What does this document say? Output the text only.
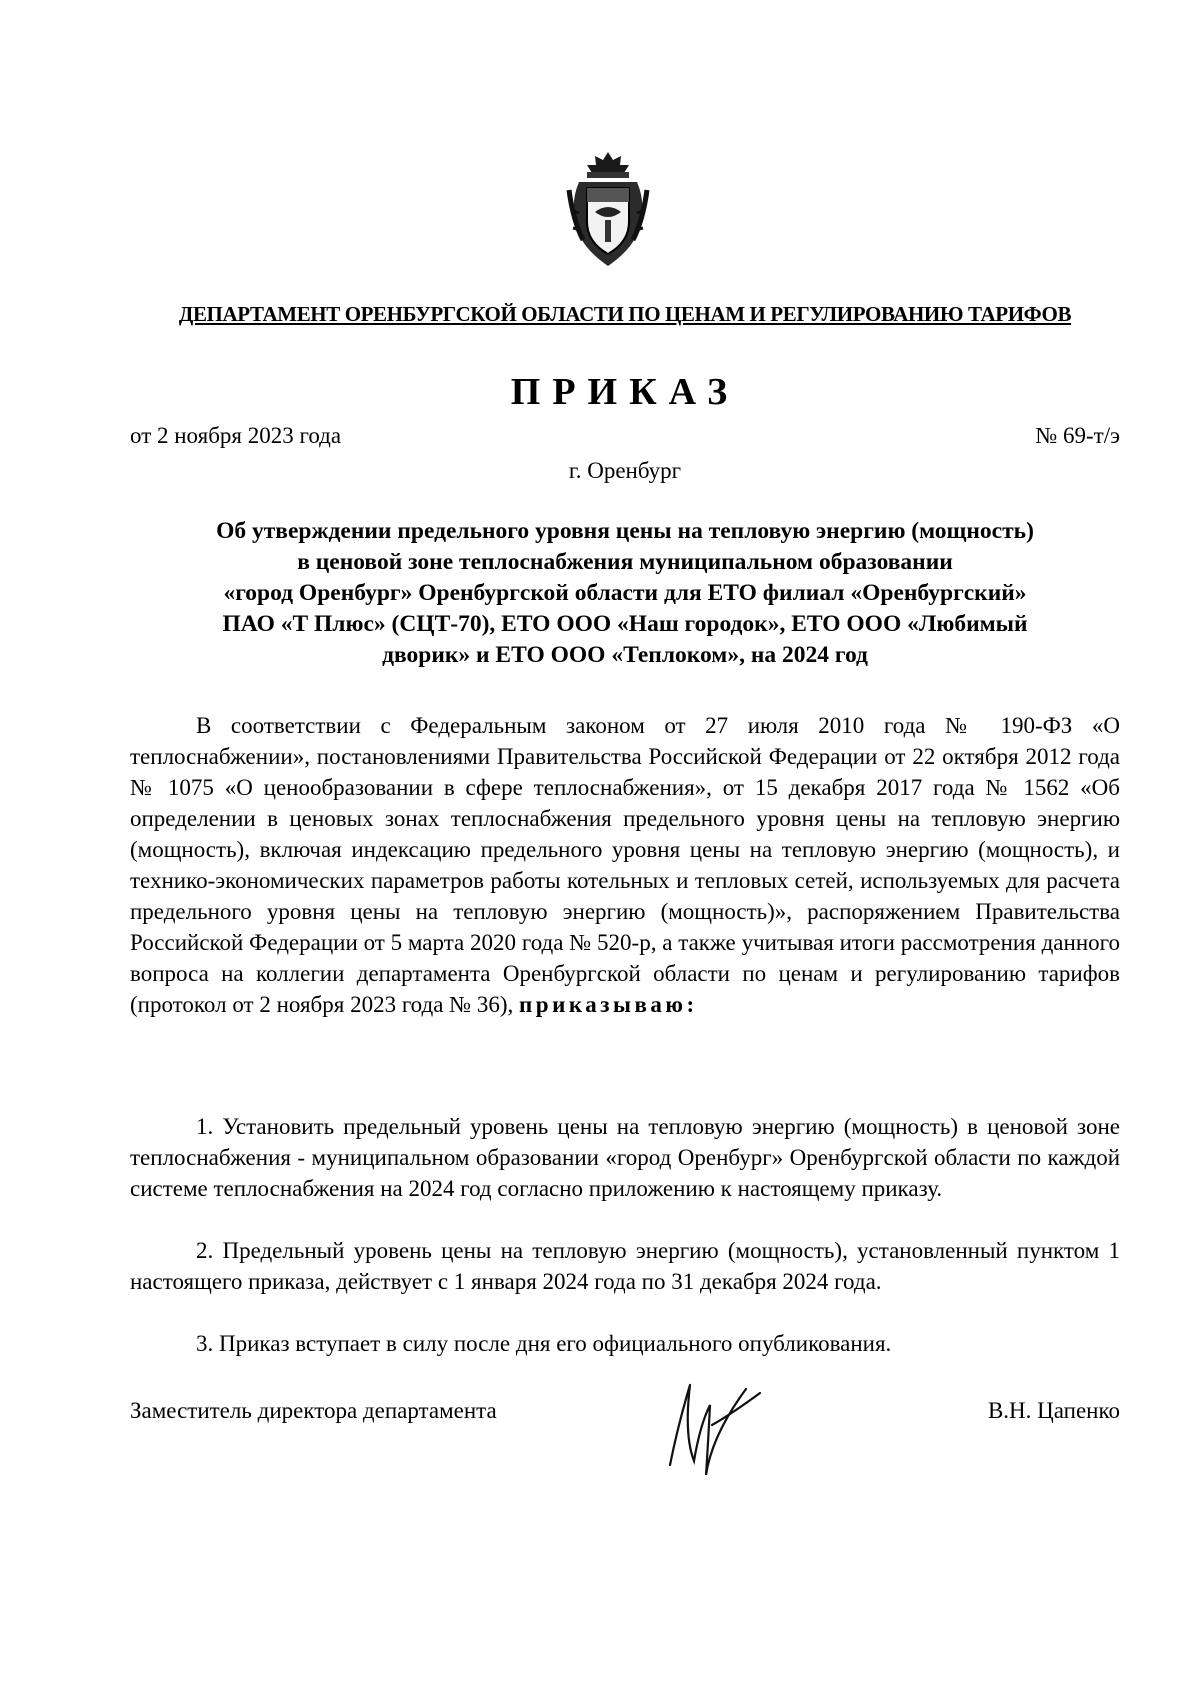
ДЕПАРТАМЕНТ ОРЕНБУРГСКОЙ ОБЛАСТИ ПО ЦЕНАМ И РЕГУЛИРОВАНИЮ ТАРИФОВ
ПРИКАЗ
от 2 ноября 2023 года	№ 69-т/э
г. Оренбург
Об утверждении предельного уровня цены на тепловую энергию (мощность)
в ценовой зоне теплоснабжения муниципальном образовании
«город Оренбург» Оренбургской области для ЕТО филиал «Оренбургский»
ПАО «Т Плюс» (СЦТ-70), ЕТО ООО «Наш городок», ЕТО ООО «Любимый
дворик» и ЕТО ООО «Теплоком», на 2024 год
В соответствии с Федеральным законом от 27 июля 2010 года № 190-ФЗ «О теплоснабжении», постановлениями Правительства Российской Федерации от 22 октября 2012 года № 1075 «О ценообразовании в сфере теплоснабжения», от 15 декабря 2017 года № 1562 «Об определении в ценовых зонах теплоснабжения предельного уровня цены на тепловую энергию (мощность), включая индексацию предельного уровня цены на тепловую энергию (мощность), и технико-экономических параметров работы котельных и тепловых сетей, используемых для расчета предельного уровня цены на тепловую энергию (мощность)», распоряжением Правительства Российской Федерации от 5 марта 2020 года № 520-р, а также учитывая итоги рассмотрения данного вопроса на коллегии департамента Оренбургской области по ценам и регулированию тарифов (протокол от 2 ноября 2023 года № 36), приказываю:
1. Установить предельный уровень цены на тепловую энергию (мощность) в ценовой зоне теплоснабжения - муниципальном образовании «город Оренбург» Оренбургской области по каждой системе теплоснабжения на 2024 год согласно приложению к настоящему приказу.
2. Предельный уровень цены на тепловую энергию (мощность), установленный пунктом 1 настоящего приказа, действует с 1 января 2024 года по 31 декабря 2024 года.
3. Приказ вступает в силу после дня его официального опубликования.
Заместитель директора департамента	В.Н. Цапенко
